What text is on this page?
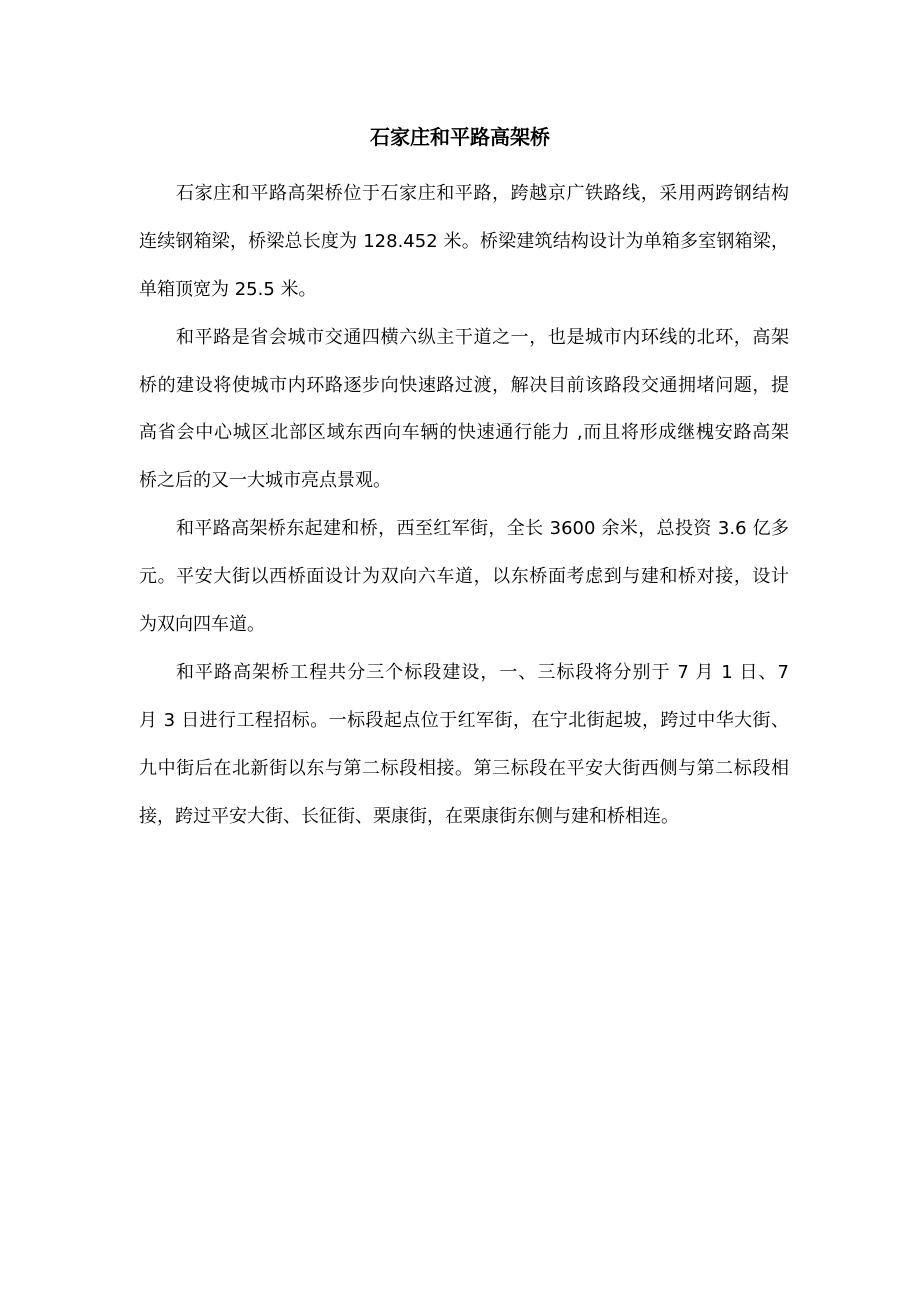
石家庄和平路高架桥
石家庄和平路高架桥位于石家庄和平路，跨越京广铁路线，采用两跨钢结构
连续钢箱梁，桥梁总长度为 128.452 米。桥梁建筑结构设计为单箱多室钢箱梁，
单箱顶宽为 25.5 米。
和平路是省会城市交通四横六纵主干道之一，也是城市内环线的北环，高架
桥的建设将使城市内环路逐步向快速路过渡，解决目前该路段交通拥堵问题，提
高省会中心城区北部区域东西向车辆的快速通行能力 ,而且将形成继槐安路高架
桥之后的又一大城市亮点景观。
和平路高架桥东起建和桥，西至红军街，全长 3600 余米，总投资 3.6 亿多
元。平安大街以西桥面设计为双向六车道，以东桥面考虑到与建和桥对接，设计
为双向四车道。
和平路高架桥工程共分三个标段建设，一、三标段将分别于 7 月 1 日、7
月 3 日进行工程招标。一标段起点位于红军街，在宁北街起坡，跨过中华大街、
九中街后在北新街以东与第二标段相接。第三标段在平安大街西侧与第二标段相
接，跨过平安大街、长征街、栗康街，在栗康街东侧与建和桥相连。
